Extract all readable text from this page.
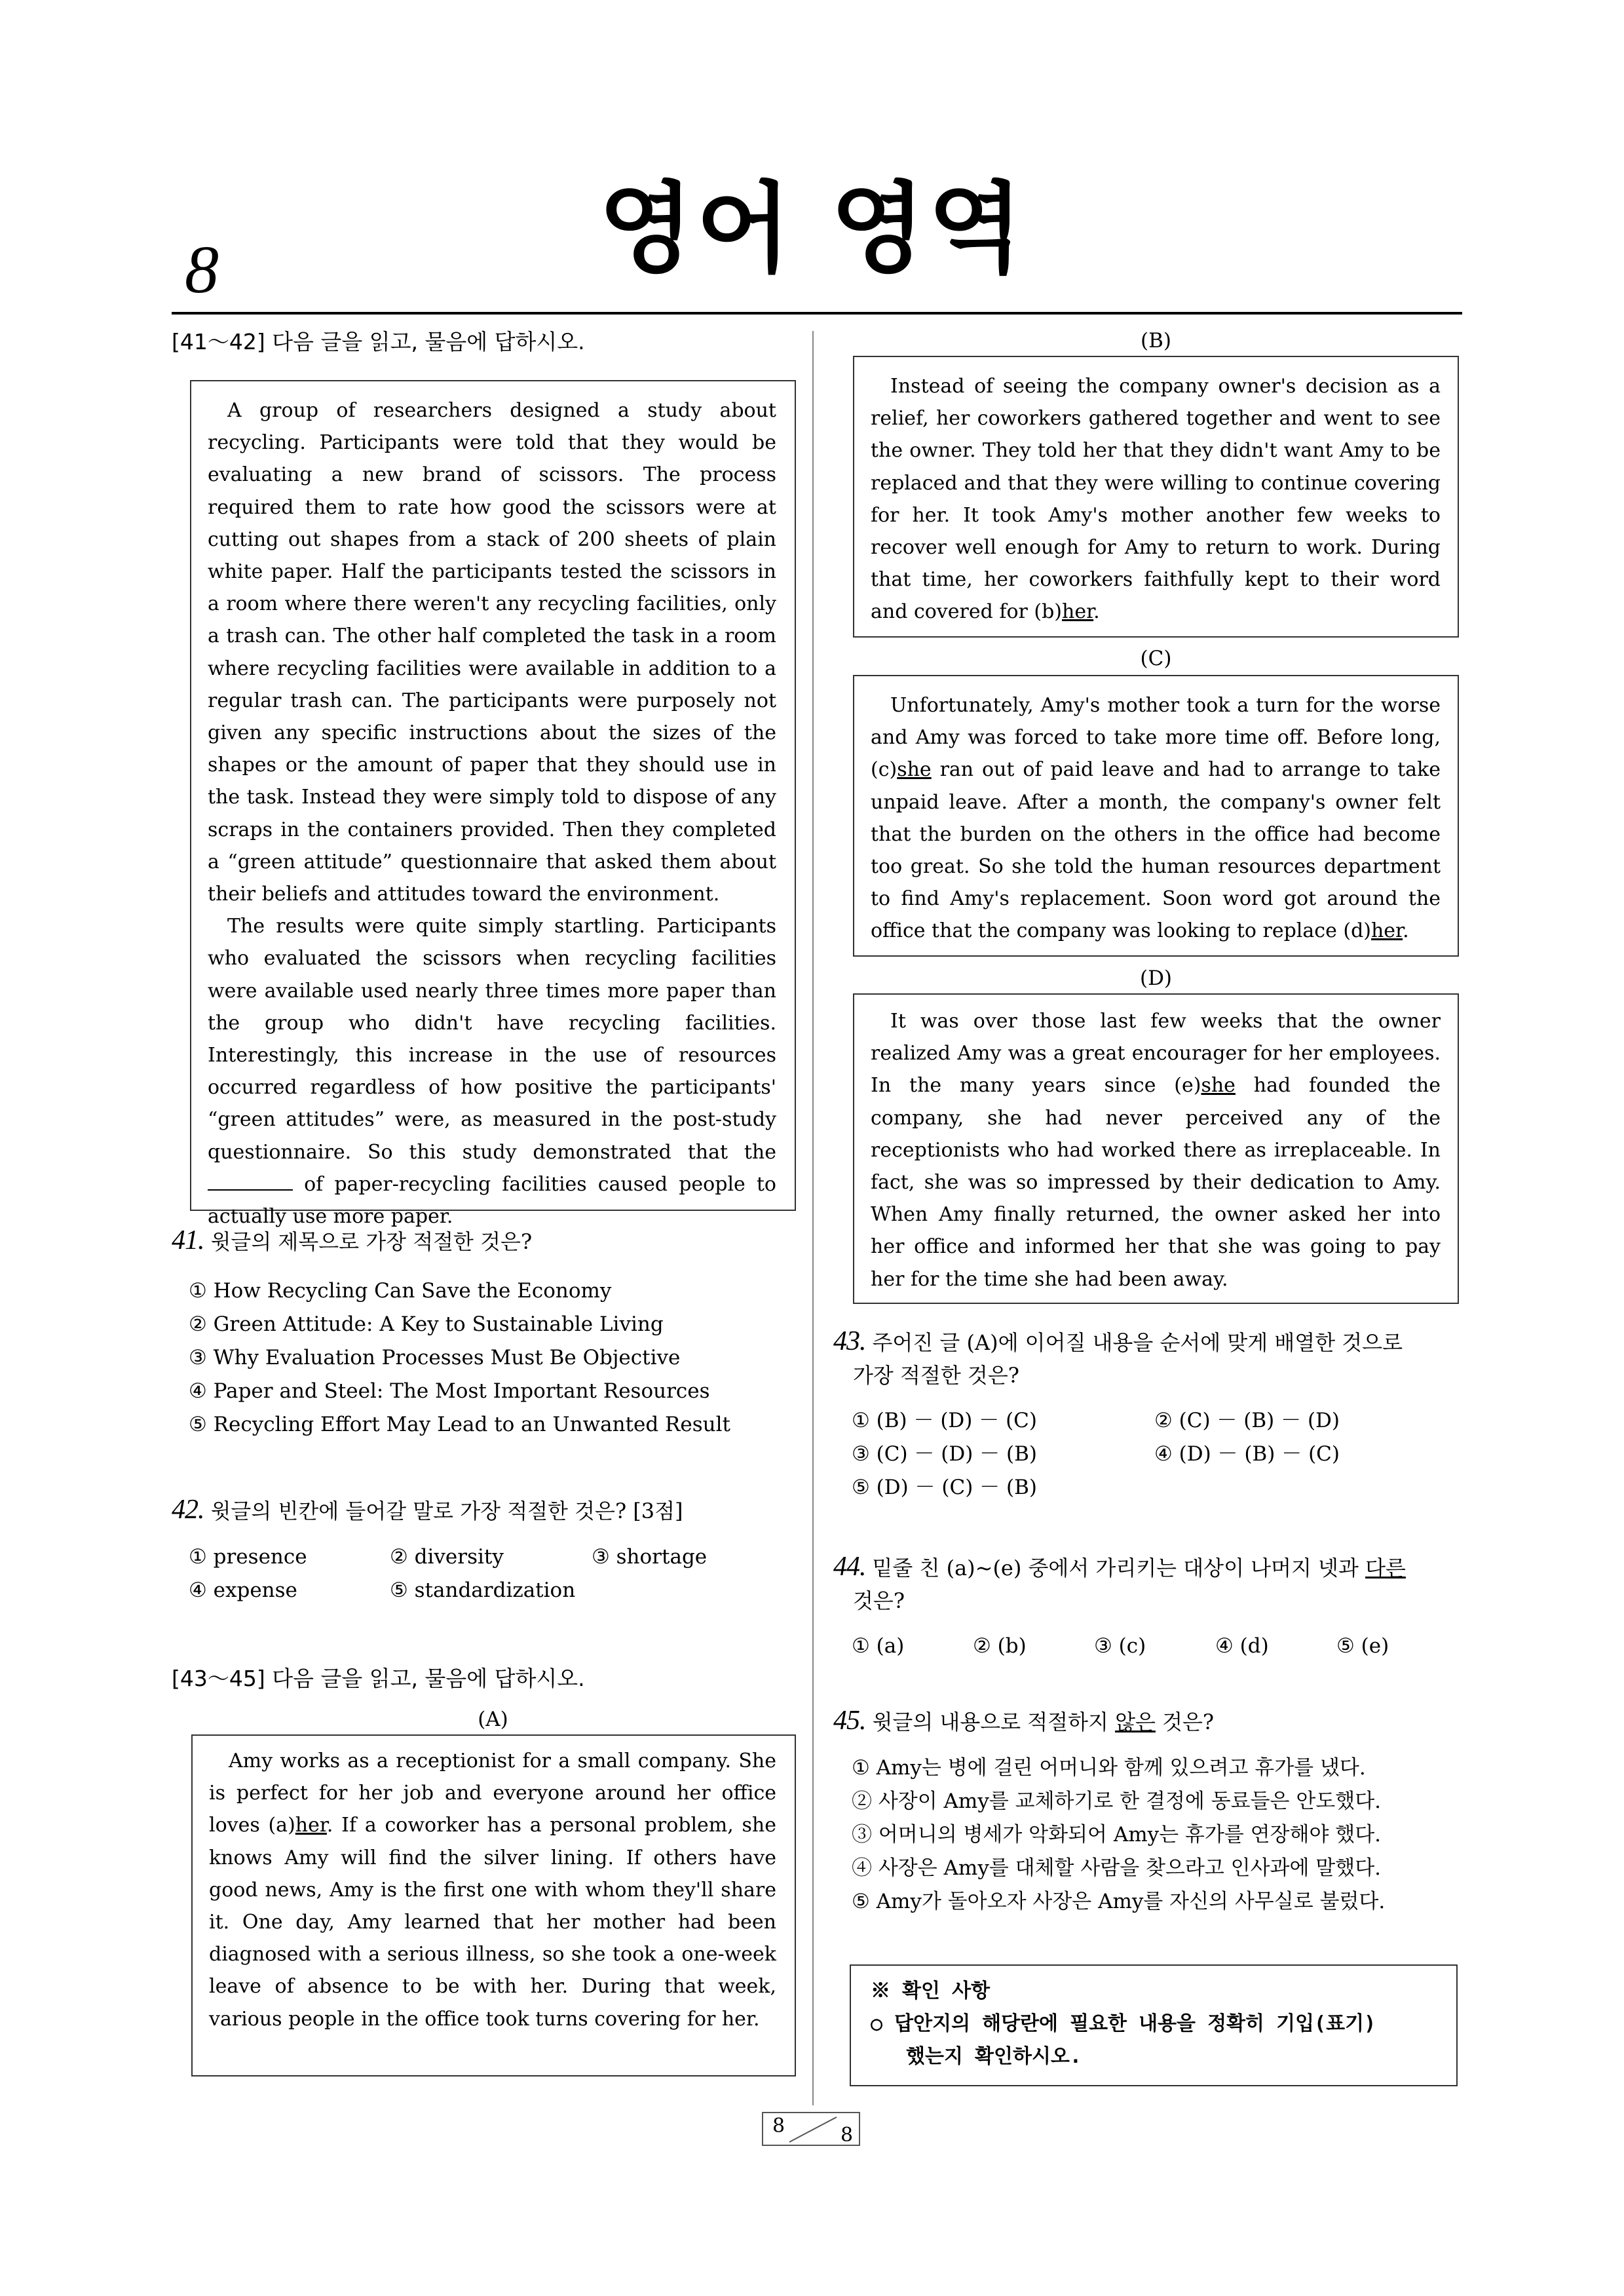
8	영어 영역
[41～42] 다음 글을 읽고, 물음에 답하시오.

A group of researchers designed a study about recycling. Participants were told that they would be evaluating a new brand of scissors. The process required them to rate how good the scissors were at cutting out shapes from a stack of 200 sheets of plain white paper. Half the participants tested the scissors in a room where there weren't any recycling facilities, only a trash can. The other half completed the task in a room where recycling facilities were available in addition to a regular trash can. The participants were purposely not given any specific instructions about the sizes of the shapes or the amount of paper that they should use in the task. Instead they were simply told to dispose of any scraps in the containers provided. Then they completed a “green attitude” questionnaire that asked them about their beliefs and attitudes toward the environment.

The results were quite simply startling. Participants who evaluated the scissors when recycling facilities were available used nearly three times more paper than the group who didn't have recycling facilities. Interestingly, this increase in the use of resources occurred regardless of how positive the participants' “green attitudes” were, as measured in the post-study questionnaire. So this study demonstrated that the  of paper-recycling facilities caused people to actually use more paper.

41. 윗글의 제목으로 가장 적절한 것은?
① How Recycling Can Save the Economy
② Green Attitude: A Key to Sustainable Living
③ Why Evaluation Processes Must Be Objective
④ Paper and Steel: The Most Important Resources
⑤ Recycling Effort May Lead to an Unwanted Result
42. 윗글의 빈칸에 들어갈 말로 가장 적절한 것은? [3점]
① presence	② diversity	③ shortage
④ expense	⑤ standardization
[43～45] 다음 글을 읽고, 물음에 답하시오.
(A)

Amy works as a receptionist for a small company. She is perfect for her job and everyone around her office loves (a)her. If a coworker has a personal problem, she knows Amy will find the silver lining. If others have good news, Amy is the first one with whom they'll share it. One day, Amy learned that her mother had been diagnosed with a serious illness, so she took a one-week leave of absence to be with her. During that week, various people in the office took turns covering for her.

(B)

Instead of seeing the company owner's decision as a relief, her coworkers gathered together and went to see the owner. They told her that they didn't want Amy to be replaced and that they were willing to continue covering for her. It took Amy's mother another few weeks to recover well enough for Amy to return to work. During that time, her coworkers faithfully kept to their word and covered for (b)her.

(C)

Unfortunately, Amy's mother took a turn for the worse and Amy was forced to take more time off. Before long, (c)she ran out of paid leave and had to arrange to take unpaid leave. After a month, the company's owner felt that the burden on the others in the office had become too great. So she told the human resources department to find Amy's replacement. Soon word got around the office that the company was looking to replace (d)her.

(D)

It was over those last few weeks that the owner realized Amy was a great encourager for her employees. In the many years since (e)she had founded the company, she had never perceived any of the receptionists who had worked there as irreplaceable. In fact, she was so impressed by their dedication to Amy. When Amy finally returned, the owner asked her into her office and informed her that she was going to pay her for the time she had been away.

43. 주어진 글 (A)에 이어질 내용을 순서에 맞게 배열한 것으로
가장 적절한 것은?
① (B) － (D) － (C)	② (C) － (B) － (D)
③ (C) － (D) － (B)	④ (D) － (B) － (C)
⑤ (D) － (C) － (B)
44. 밑줄 친 (a)~(e) 중에서 가리키는 대상이 나머지 넷과 다른
것은?
① (a)	② (b)	③ (c)	④ (d)	⑤ (e)
45. 윗글의 내용으로 적절하지 않은 것은?
① Amy는 병에 걸린 어머니와 함께 있으려고 휴가를 냈다.
② 사장이 Amy를 교체하기로 한 결정에 동료들은 안도했다.
③ 어머니의 병세가 악화되어 Amy는 휴가를 연장해야 했다.
④ 사장은 Amy를 대체할 사람을 찾으라고 인사과에 말했다.
⑤ Amy가 돌아오자 사장은 Amy를 자신의 사무실로 불렀다.
※ 확인 사항
○ 답안지의 해당란에 필요한 내용을 정확히 기입(표기)
했는지 확인하시오.
8	8
